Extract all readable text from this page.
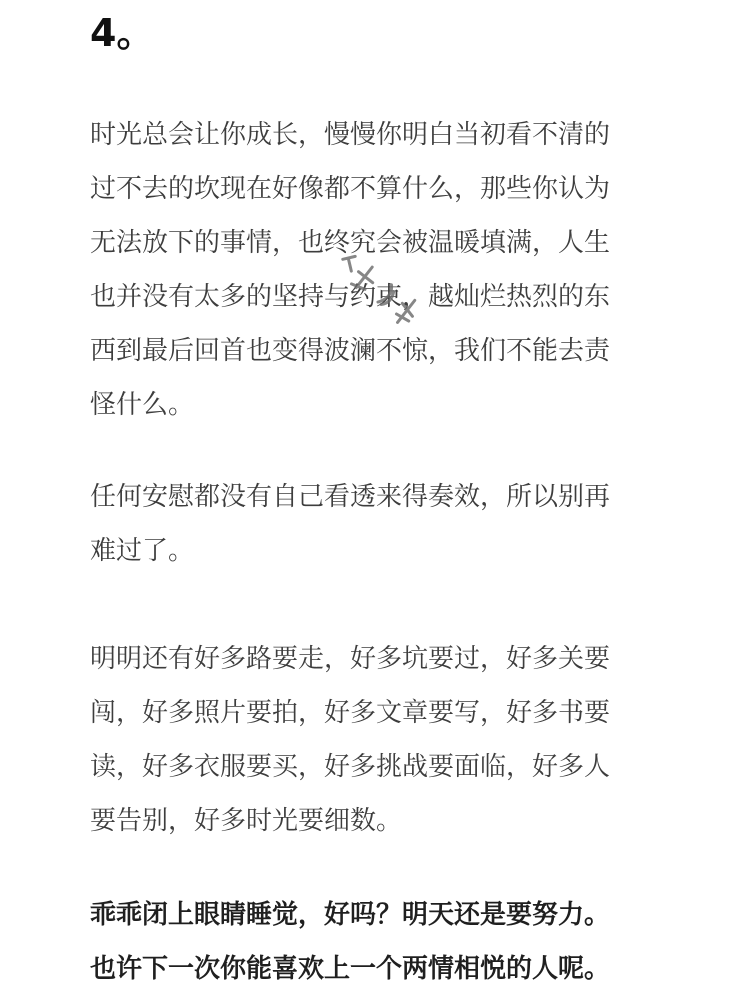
4。

时光总会让你成长，慢慢你明白当初看不清的
过不去的坎现在好像都不算什么，那些你认为
无法放下的事情，也终究会被温暖填满，人生
也并没有太多的坚持与约束，越灿烂热烈的东
西到最后回首也变得波澜不惊，我们不能去责
怪什么。

任何安慰都没有自己看透来得奏效，所以别再
难过了。

明明还有好多路要走，好多坑要过，好多关要
闯，好多照片要拍，好多文章要写，好多书要
读，好多衣服要买，好多挑战要面临，好多人
要告别，好多时光要细数。

乖乖闭上眼睛睡觉，好吗？明天还是要努力。
也许下一次你能喜欢上一个两情相悦的人呢。
